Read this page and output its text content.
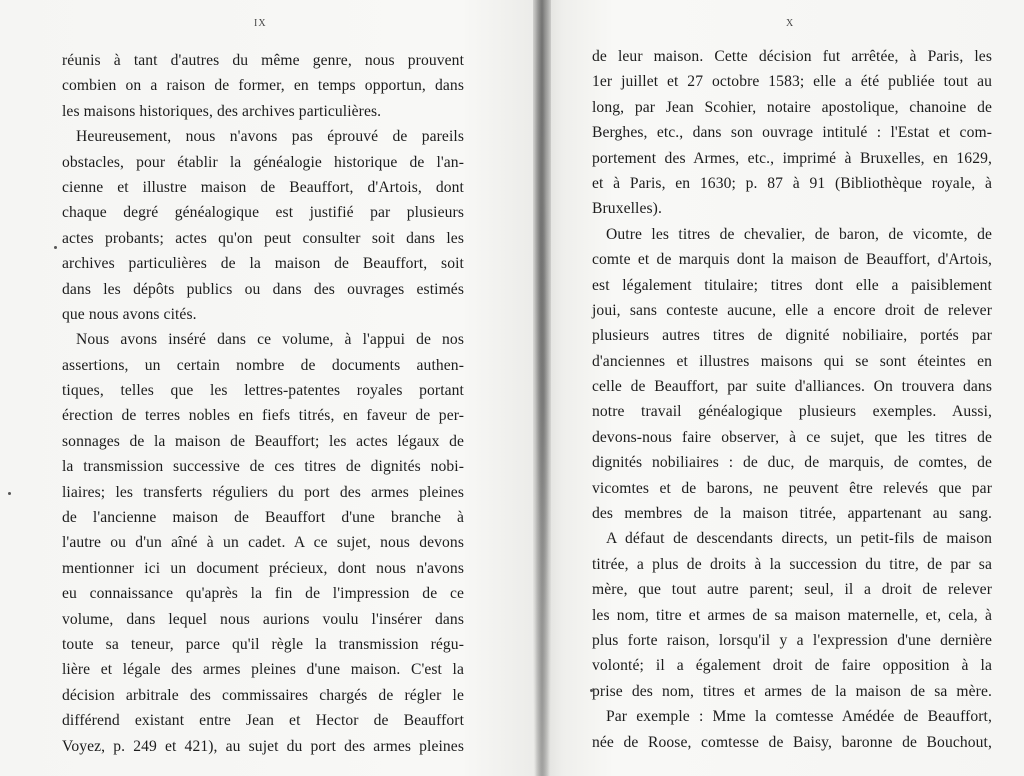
IX
réunis à tant d'autres du même genre, nous prouvent
combien on a raison de former, en temps opportun, dans
les maisons historiques, des archives particulières.
Heureusement, nous n'avons pas éprouvé de pareils
obstacles, pour établir la généalogie historique de l'an-
cienne et illustre maison de Beauffort, d'Artois, dont
chaque degré généalogique est justifié par plusieurs
actes probants; actes qu'on peut consulter soit dans les
archives particulières de la maison de Beauffort, soit
dans les dépôts publics ou dans des ouvrages estimés
que nous avons cités.
Nous avons inséré dans ce volume, à l'appui de nos
assertions, un certain nombre de documents authen-
tiques, telles que les lettres-patentes royales portant
érection de terres nobles en fiefs titrés, en faveur de per-
sonnages de la maison de Beauffort; les actes légaux de
la transmission successive de ces titres de dignités nobi-
liaires; les transferts réguliers du port des armes pleines
de l'ancienne maison de Beauffort d'une branche à
l'autre ou d'un aîné à un cadet. A ce sujet, nous devons
mentionner ici un document précieux, dont nous n'avons
eu connaissance qu'après la fin de l'impression de ce
volume, dans lequel nous aurions voulu l'insérer dans
toute sa teneur, parce qu'il règle la transmission régu-
lière et légale des armes pleines d'une maison. C'est la
décision arbitrale des commissaires chargés de régler le
différend existant entre Jean et Hector de Beauffort
Voyez, p. 249 et 421), au sujet du port des armes pleines
X
de leur maison. Cette décision fut arrêtée, à Paris, les
1er juillet et 27 octobre 1583; elle a été publiée tout au
long, par Jean Scohier, notaire apostolique, chanoine de
Berghes, etc., dans son ouvrage intitulé : l'Estat et com-
portement des Armes, etc., imprimé à Bruxelles, en 1629,
et à Paris, en 1630; p. 87 à 91 (Bibliothèque royale, à
Bruxelles).
Outre les titres de chevalier, de baron, de vicomte, de
comte et de marquis dont la maison de Beauffort, d'Artois,
est légalement titulaire; titres dont elle a paisiblement
joui, sans conteste aucune, elle a encore droit de relever
plusieurs autres titres de dignité nobiliaire, portés par
d'anciennes et illustres maisons qui se sont éteintes en
celle de Beauffort, par suite d'alliances. On trouvera dans
notre travail généalogique plusieurs exemples. Aussi,
devons-nous faire observer, à ce sujet, que les titres de
dignités nobiliaires : de duc, de marquis, de comtes, de
vicomtes et de barons, ne peuvent être relevés que par
des membres de la maison titrée, appartenant au sang.
A défaut de descendants directs, un petit-fils de maison
titrée, a plus de droits à la succession du titre, de par sa
mère, que tout autre parent; seul, il a droit de relever
les nom, titre et armes de sa maison maternelle, et, cela, à
plus forte raison, lorsqu'il y a l'expression d'une dernière
volonté; il a également droit de faire opposition à la
prise des nom, titres et armes de la maison de sa mère.
Par exemple : Mme la comtesse Amédée de Beauffort,
née de Roose, comtesse de Baisy, baronne de Bouchout,
